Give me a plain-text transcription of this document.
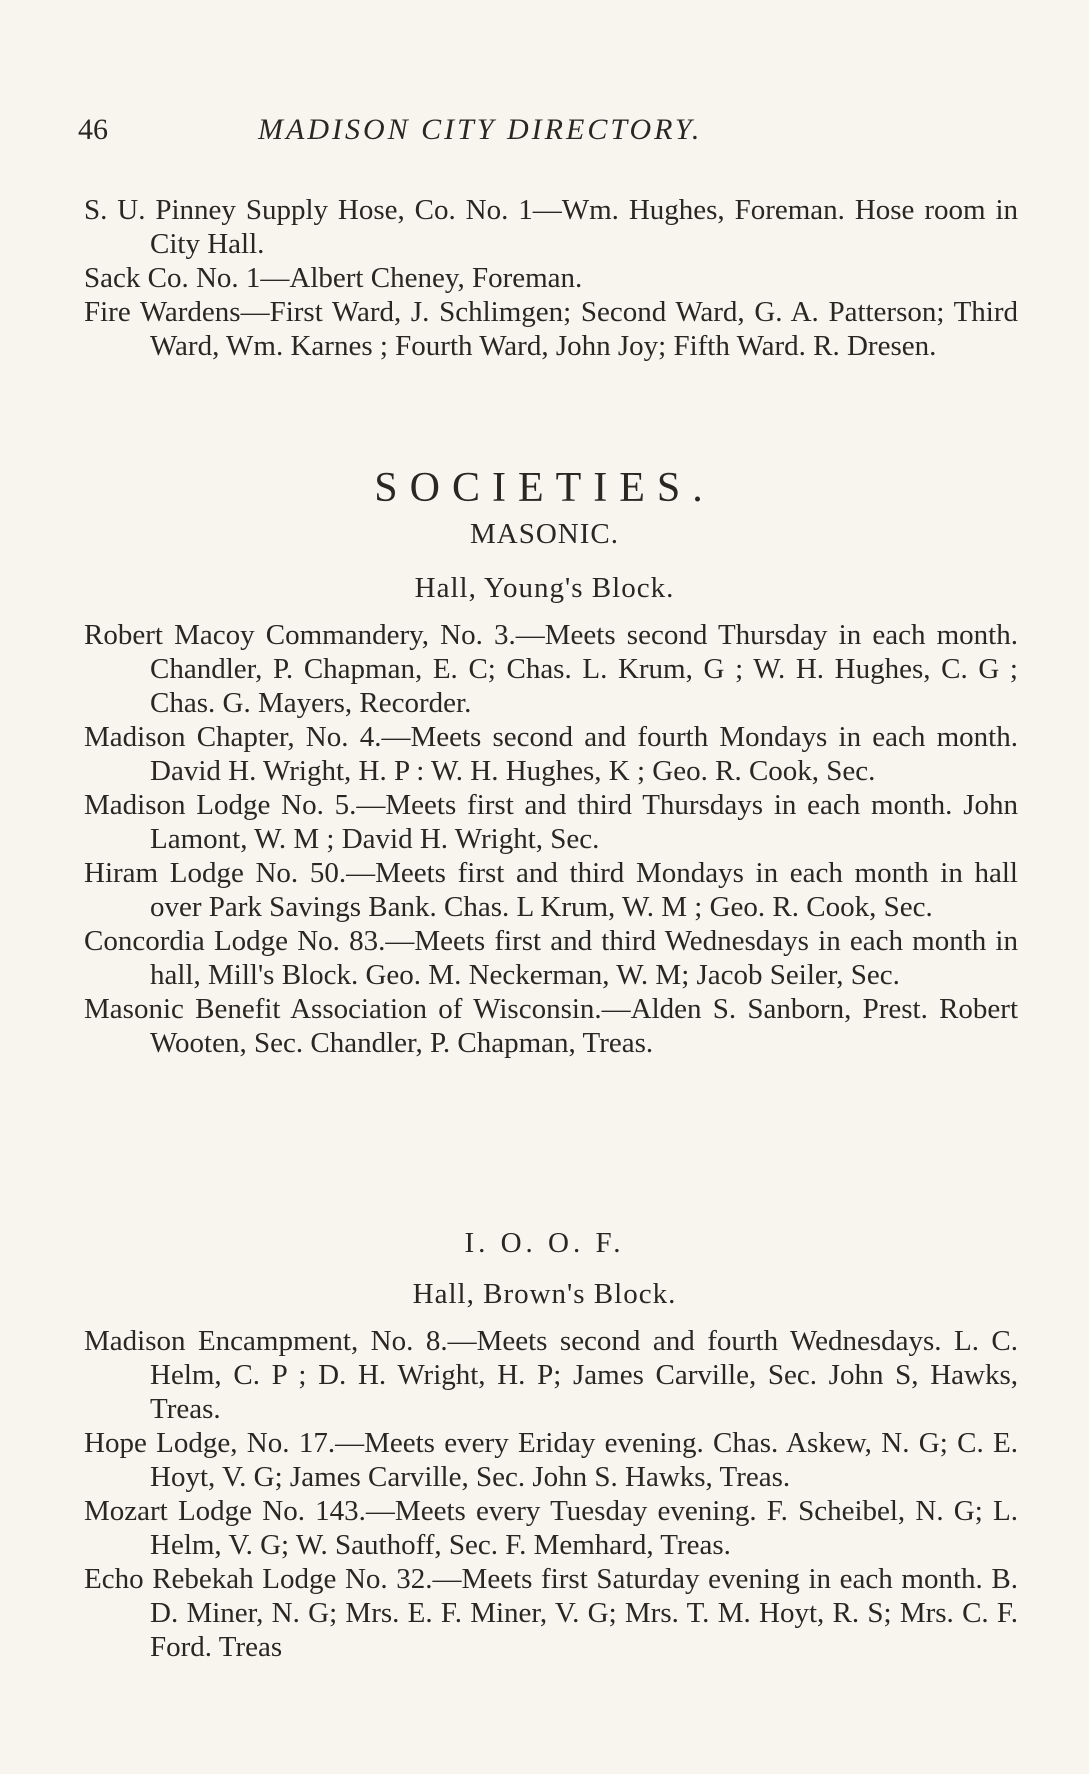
46	MADISON CITY DIRECTORY.

S. U. Pinney Supply Hose, Co. No. 1—Wm. Hughes, Foreman. Hose room in City Hall.

Sack Co. No. 1—Albert Cheney, Foreman.

Fire Wardens—First Ward, J. Schlimgen; Second Ward, G. A. Patterson; Third Ward, Wm. Karnes ; Fourth Ward, John Joy; Fifth Ward. R. Dresen.

SOCIETIES.
MASONIC.
Hall, Young's Block.

Robert Macoy Commandery, No. 3.—Meets second Thursday in each month. Chandler, P. Chapman, E. C; Chas. L. Krum, G ; W. H. Hughes, C. G ; Chas. G. Mayers, Recorder.

Madison Chapter, No. 4.—Meets second and fourth Mondays in each month. David H. Wright, H. P : W. H. Hughes, K ; Geo. R. Cook, Sec.

Madison Lodge No. 5.—Meets first and third Thursdays in each month. John Lamont, W. M ; David H. Wright, Sec.

Hiram Lodge No. 50.—Meets first and third Mondays in each month in hall over Park Savings Bank. Chas. L Krum, W. M ; Geo. R. Cook, Sec.

Concordia Lodge No. 83.—Meets first and third Wednesdays in each month in hall, Mill's Block. Geo. M. Neckerman, W. M; Jacob Seiler, Sec.

Masonic Benefit Association of Wisconsin.—Alden S. Sanborn, Prest. Robert Wooten, Sec. Chandler, P. Chapman, Treas.

I. O. O. F.
Hall, Brown's Block.

Madison Encampment, No. 8.—Meets second and fourth Wednesdays. L. C. Helm, C. P ; D. H. Wright, H. P; James Carville, Sec. John S, Hawks, Treas.

Hope Lodge, No. 17.—Meets every Eriday evening. Chas. Askew, N. G; C. E. Hoyt, V. G; James Carville, Sec. John S. Hawks, Treas.

Mozart Lodge No. 143.—Meets every Tuesday evening. F. Scheibel, N. G; L. Helm, V. G; W. Sauthoff, Sec. F. Memhard, Treas.

Echo Rebekah Lodge No. 32.—Meets first Saturday evening in each month. B. D. Miner, N. G; Mrs. E. F. Miner, V. G; Mrs. T. M. Hoyt, R. S; Mrs. C. F. Ford. Treas
